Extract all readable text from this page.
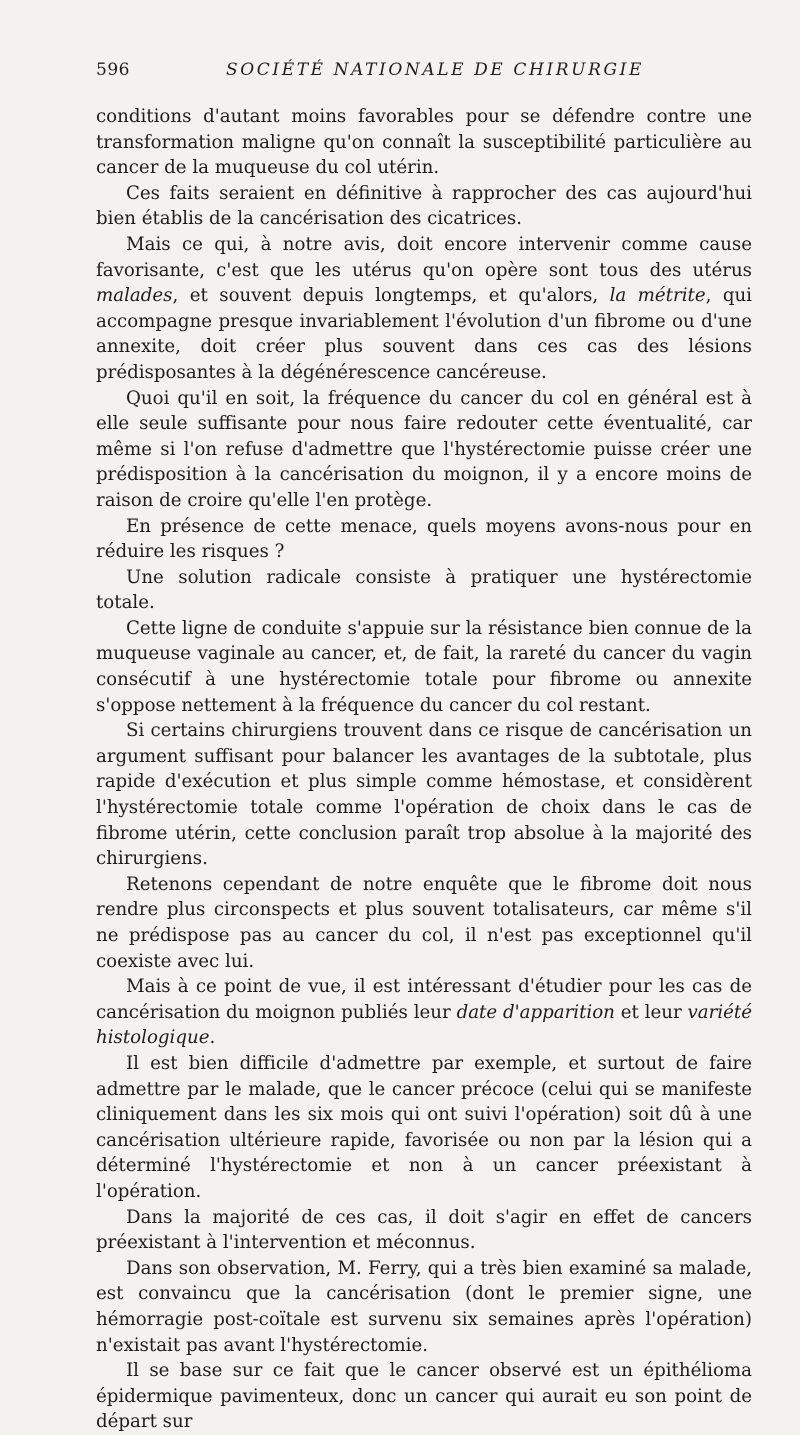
596	SOCIÉTÉ NATIONALE DE CHIRURGIE

conditions d'autant moins favorables pour se défendre contre une transformation maligne qu'on connaît la susceptibilité particulière au cancer de la muqueuse du col utérin.

Ces faits seraient en définitive à rapprocher des cas aujourd'hui bien établis de la cancérisation des cicatrices.

Mais ce qui, à notre avis, doit encore intervenir comme cause favorisante, c'est que les utérus qu'on opère sont tous des utérus malades, et souvent depuis longtemps, et qu'alors, la métrite, qui accompagne presque invariablement l'évolution d'un fibrome ou d'une annexite, doit créer plus souvent dans ces cas des lésions prédisposantes à la dégénérescence cancéreuse.

Quoi qu'il en soit, la fréquence du cancer du col en général est à elle seule suffisante pour nous faire redouter cette éventualité, car même si l'on refuse d'admettre que l'hystérectomie puisse créer une prédisposition à la cancérisation du moignon, il y a encore moins de raison de croire qu'elle l'en protège.

En présence de cette menace, quels moyens avons-nous pour en réduire les risques ?

Une solution radicale consiste à pratiquer une hystérectomie totale.

Cette ligne de conduite s'appuie sur la résistance bien connue de la muqueuse vaginale au cancer, et, de fait, la rareté du cancer du vagin consécutif à une hystérectomie totale pour fibrome ou annexite s'oppose nettement à la fréquence du cancer du col restant.

Si certains chirurgiens trouvent dans ce risque de cancérisation un argument suffisant pour balancer les avantages de la subtotale, plus rapide d'exécution et plus simple comme hémostase, et considèrent l'hystérectomie totale comme l'opération de choix dans le cas de fibrome utérin, cette conclusion paraît trop absolue à la majorité des chirurgiens.

Retenons cependant de notre enquête que le fibrome doit nous rendre plus circonspects et plus souvent totalisateurs, car même s'il ne prédispose pas au cancer du col, il n'est pas exceptionnel qu'il coexiste avec lui.

Mais à ce point de vue, il est intéressant d'étudier pour les cas de cancérisation du moignon publiés leur date d'apparition et leur variété histologique.

Il est bien difficile d'admettre par exemple, et surtout de faire admettre par le malade, que le cancer précoce (celui qui se manifeste cliniquement dans les six mois qui ont suivi l'opération) soit dû à une cancérisation ultérieure rapide, favorisée ou non par la lésion qui a déterminé l'hystérectomie et non à un cancer préexistant à l'opération.

Dans la majorité de ces cas, il doit s'agir en effet de cancers préexistant à l'intervention et méconnus.

Dans son observation, M. Ferry, qui a très bien examiné sa malade, est convaincu que la cancérisation (dont le premier signe, une hémorragie post-coïtale est survenu six semaines après l'opération) n'existait pas avant l'hystérectomie.

Il se base sur ce fait que le cancer observé est un épithélioma épidermique pavimenteux, donc un cancer qui aurait eu son point de départ sur
